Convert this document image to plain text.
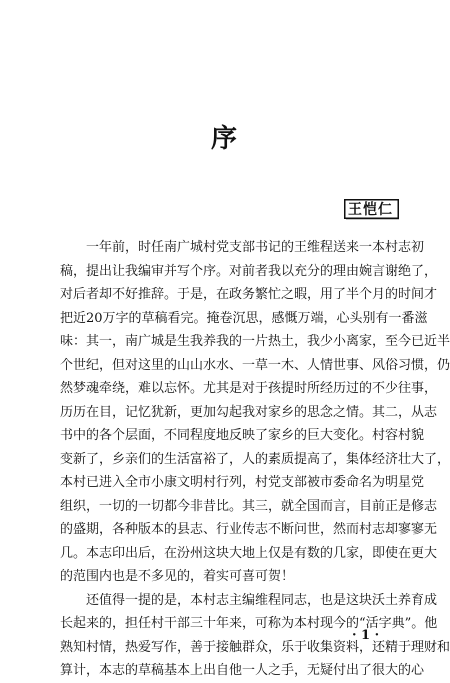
序
王恺仁
一年前，时任南广城村党支部书记的王维程送来一本村志初
稿，提出让我编审并写个序。对前者我以充分的理由婉言谢绝了，
对后者却不好推辞。于是，在政务繁忙之暇，用了半个月的时间才
把近20万字的草稿看完。掩卷沉思，感慨万端，心头别有一番滋
味：其一，南广城是生我养我的一片热土，我少小离家，至今已近半
个世纪，但对这里的山山水水、一草一木、人情世事、风俗习惯，仍
然梦魂牵绕，难以忘怀。尤其是对于孩提时所经历过的不少往事，
历历在目，记忆犹新，更加勾起我对家乡的思念之情。其二，从志
书中的各个层面，不同程度地反映了家乡的巨大变化。村容村貌
变新了，乡亲们的生活富裕了，人的素质提高了，集体经济壮大了，
本村已进入全市小康文明村行列，村党支部被市委命名为明星党
组织，一切的一切都今非昔比。其三，就全国而言，目前正是修志
的盛期，各种版本的县志、行业传志不断问世，然而村志却寥寥无
几。本志印出后，在汾州这块大地上仅是有数的几家，即使在更大
的范围内也是不多见的，着实可喜可贺！
还值得一提的是，本村志主编维程同志，也是这块沃土养育成
长起来的，担任村干部三十年来，可称为本村现今的“活字典”。他
熟知村情，热爱写作，善于接触群众，乐于收集资料，还精于理财和
算计，本志的草稿基本上出自他一人之手，无疑付出了很大的心
· 1 ·
